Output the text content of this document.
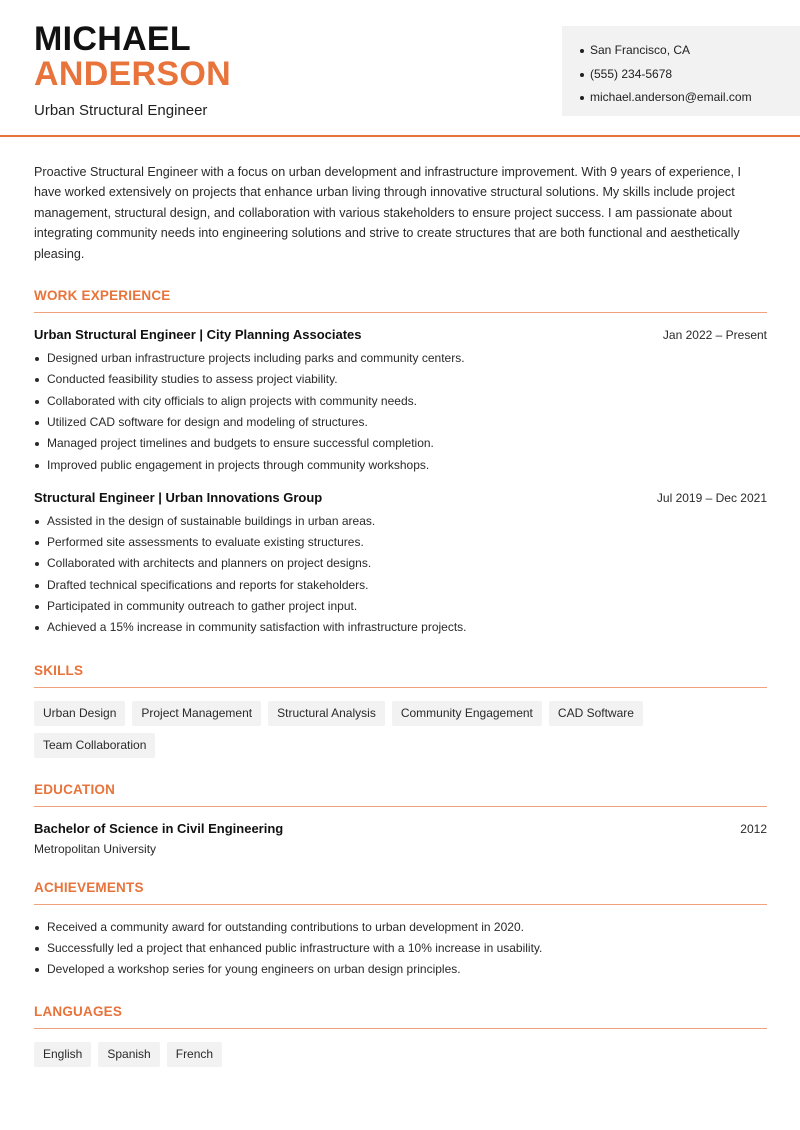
MICHAEL
ANDERSON
Urban Structural Engineer
San Francisco, CA
(555) 234-5678
michael.anderson@email.com

Proactive Structural Engineer with a focus on urban development and infrastructure improvement. With 9 years of experience, I have worked extensively on projects that enhance urban living through innovative structural solutions. My skills include project management, structural design, and collaboration with various stakeholders to ensure project success. I am passionate about integrating community needs into engineering solutions and strive to create structures that are both functional and aesthetically pleasing.

WORK EXPERIENCE
Urban Structural Engineer | City Planning Associates	Jan 2022 – Present
Designed urban infrastructure projects including parks and community centers.
Conducted feasibility studies to assess project viability.
Collaborated with city officials to align projects with community needs.
Utilized CAD software for design and modeling of structures.
Managed project timelines and budgets to ensure successful completion.
Improved public engagement in projects through community workshops.
Structural Engineer | Urban Innovations Group	Jul 2019 – Dec 2021
Assisted in the design of sustainable buildings in urban areas.
Performed site assessments to evaluate existing structures.
Collaborated with architects and planners on project designs.
Drafted technical specifications and reports for stakeholders.
Participated in community outreach to gather project input.
Achieved a 15% increase in community satisfaction with infrastructure projects.
SKILLS
Urban Design	Project Management	Structural Analysis	Community Engagement	CAD Software
Team Collaboration
EDUCATION
Bachelor of Science in Civil Engineering	2012
Metropolitan University
ACHIEVEMENTS
Received a community award for outstanding contributions to urban development in 2020.
Successfully led a project that enhanced public infrastructure with a 10% increase in usability.
Developed a workshop series for young engineers on urban design principles.
LANGUAGES
English	Spanish	French
